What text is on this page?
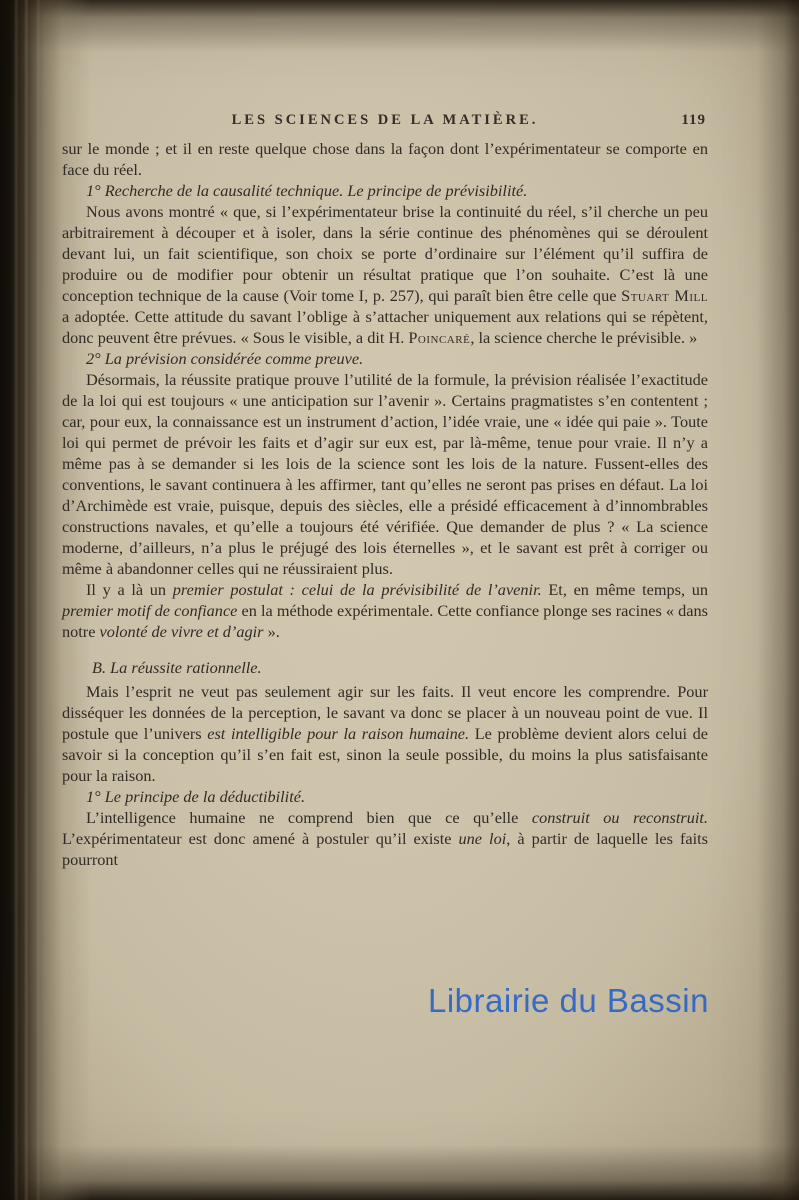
LES SCIENCES DE LA MATIÈRE.	119

sur le monde ; et il en reste quelque chose dans la façon dont l’expérimentateur se comporte en face du réel.

1° Recherche de la causalité technique. Le principe de prévisibilité.

Nous avons montré « que, si l’expérimentateur brise la continuité du réel, s’il cherche un peu arbitrairement à découper et à isoler, dans la série continue des phénomènes qui se déroulent devant lui, un fait scientifique, son choix se porte d’ordinaire sur l’élément qu’il suffira de produire ou de modifier pour obtenir un résultat pratique que l’on souhaite. C’est là une conception technique de la cause (Voir tome I, p. 257), qui paraît bien être celle que Stuart Mill a adoptée. Cette attitude du savant l’oblige à s’attacher uniquement aux relations qui se répètent, donc peuvent être prévues. « Sous le visible, a dit H. Poincaré, la science cherche le prévisible. »

2° La prévision considérée comme preuve.

Désormais, la réussite pratique prouve l’utilité de la formule, la prévision réalisée l’exactitude de la loi qui est toujours « une anticipation sur l’avenir ». Certains pragmatistes s’en contentent ; car, pour eux, la connaissance est un instrument d’action, l’idée vraie, une « idée qui paie ». Toute loi qui permet de prévoir les faits et d’agir sur eux est, par là-même, tenue pour vraie. Il n’y a même pas à se demander si les lois de la science sont les lois de la nature. Fussent-elles des conventions, le savant continuera à les affirmer, tant qu’elles ne seront pas prises en défaut. La loi d’Archimède est vraie, puisque, depuis des siècles, elle a présidé efficacement à d’innombrables constructions navales, et qu’elle a toujours été vérifiée. Que demander de plus ? « La science moderne, d’ailleurs, n’a plus le préjugé des lois éternelles », et le savant est prêt à corriger ou même à abandonner celles qui ne réussiraient plus.

Il y a là un premier postulat : celui de la prévisibilité de l’avenir. Et, en même temps, un premier motif de confiance en la méthode expérimentale. Cette confiance plonge ses racines « dans notre volonté de vivre et d’agir ».

B. La réussite rationnelle.

Mais l’esprit ne veut pas seulement agir sur les faits. Il veut encore les comprendre. Pour disséquer les données de la perception, le savant va donc se placer à un nouveau point de vue. Il postule que l’univers est intelligible pour la raison humaine. Le problème devient alors celui de savoir si la conception qu’il s’en fait est, sinon la seule possible, du moins la plus satisfaisante pour la raison.

1° Le principe de la déductibilité.

L’intelligence humaine ne comprend bien que ce qu’elle construit ou reconstruit. L’expérimentateur est donc amené à postuler qu’il existe une loi, à partir de laquelle les faits pourront

Librairie du Bassin
